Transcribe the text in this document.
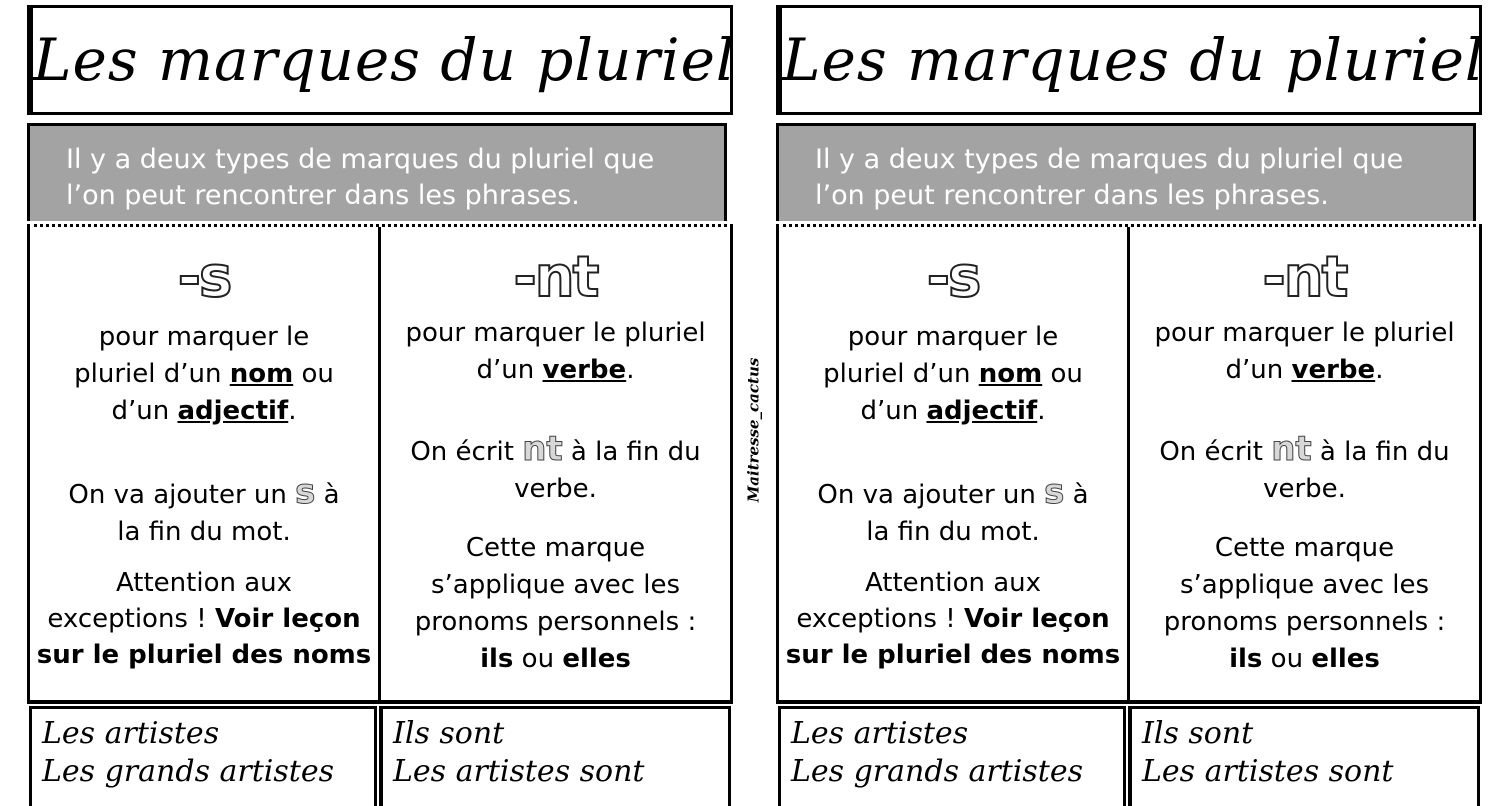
Les marques du pluriel
Il y a deux types de marques du pluriel que
l’on peut rencontrer dans les phrases.
-s
pour marquer le
pluriel d’un nom ou
d’un adjectif.
On va ajouter un s à
la fin du mot.
Attention aux
exceptions ! Voir leçon
sur le pluriel des noms
-nt
pour marquer le pluriel
d’un verbe.
On écrit nt à la fin du
verbe.
Cette marque
s’applique avec les
pronoms personnels :
ils ou elles
Les artistes
Les grands artistes
Ils sont
Les artistes sont
Maitresse_cactus
Les marques du pluriel
Il y a deux types de marques du pluriel que
l’on peut rencontrer dans les phrases.
-s
pour marquer le
pluriel d’un nom ou
d’un adjectif.
On va ajouter un s à
la fin du mot.
Attention aux
exceptions ! Voir leçon
sur le pluriel des noms
-nt
pour marquer le pluriel
d’un verbe.
On écrit nt à la fin du
verbe.
Cette marque
s’applique avec les
pronoms personnels :
ils ou elles
Les artistes
Les grands artistes
Ils sont
Les artistes sont
